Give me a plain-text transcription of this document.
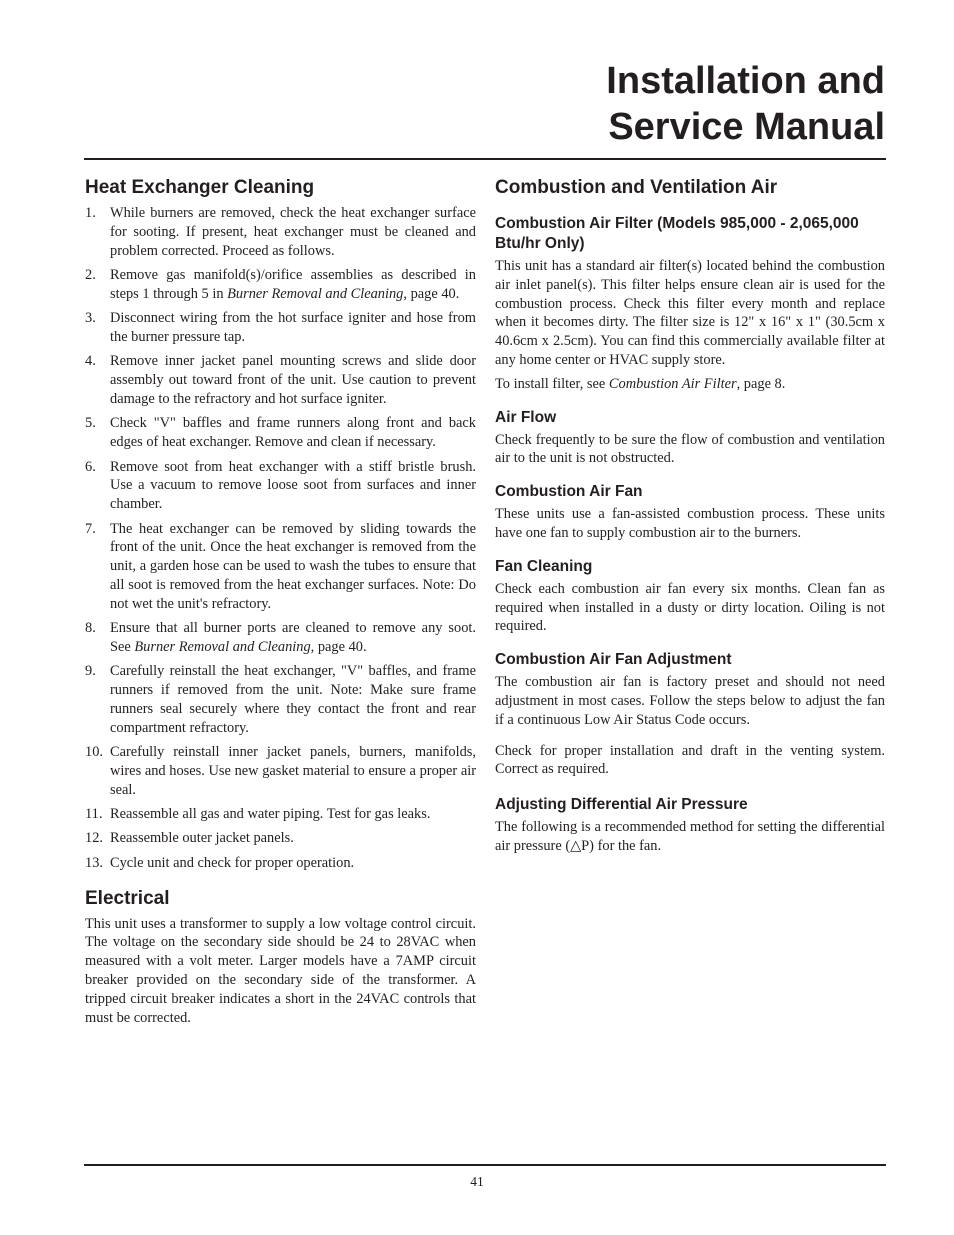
Installation and
Service Manual
Heat Exchanger Cleaning
1. While burners are removed, check the heat exchanger surface for sooting. If present, heat exchanger must be cleaned and problem corrected. Proceed as follows.
2. Remove gas manifold(s)/orifice assemblies as described in steps 1 through 5 in Burner Removal and Cleaning, page 40.
3. Disconnect wiring from the hot surface igniter and hose from the burner pressure tap.
4. Remove inner jacket panel mounting screws and slide door assembly out toward front of the unit. Use caution to prevent damage to the refractory and hot surface igniter.
5. Check "V" baffles and frame runners along front and back edges of heat exchanger. Remove and clean if necessary.
6. Remove soot from heat exchanger with a stiff bristle brush. Use a vacuum to remove loose soot from surfaces and inner chamber.
7. The heat exchanger can be removed by sliding towards the front of the unit. Once the heat exchanger is removed from the unit, a garden hose can be used to wash the tubes to ensure that all soot is removed from the heat exchanger surfaces. Note: Do not wet the unit's refractory.
8. Ensure that all burner ports are cleaned to remove any soot. See Burner Removal and Cleaning, page 40.
9. Carefully reinstall the heat exchanger, "V" baffles, and frame runners if removed from the unit. Note: Make sure frame runners seal securely where they contact the front and rear compartment refractory.
10. Carefully reinstall inner jacket panels, burners, manifolds, wires and hoses. Use new gasket material to ensure a proper air seal.
11. Reassemble all gas and water piping. Test for gas leaks.
12. Reassemble outer jacket panels.
13. Cycle unit and check for proper operation.
Electrical

This unit uses a transformer to supply a low voltage control circuit. The voltage on the secondary side should be 24 to 28VAC when measured with a volt meter. Larger models have a 7AMP circuit breaker provided on the secondary side of the transformer. A tripped circuit breaker indicates a short in the 24VAC controls that must be corrected.

Combustion and Ventilation Air
Combustion Air Filter (Models 985,000 - 2,065,000 Btu/hr Only)

This unit has a standard air filter(s) located behind the combustion air inlet panel(s). This filter helps ensure clean air is used for the combustion process. Check this filter every month and replace when it becomes dirty. The filter size is 12" x 16" x 1" (30.5cm x 40.6cm x 2.5cm). You can find this commercially available filter at any home center or HVAC supply store.

To install filter, see Combustion Air Filter, page 8.

Air Flow

Check frequently to be sure the flow of combustion and ventilation air to the unit is not obstructed.

Combustion Air Fan

These units use a fan-assisted combustion process. These units have one fan to supply combustion air to the burners.

Fan Cleaning

Check each combustion air fan every six months. Clean fan as required when installed in a dusty or dirty location. Oiling is not required.

Combustion Air Fan Adjustment

The combustion air fan is factory preset and should not need adjustment in most cases. Follow the steps below to adjust the fan if a continuous Low Air Status Code occurs.

Check for proper installation and draft in the venting system. Correct as required.

Adjusting Differential Air Pressure

The following is a recommended method for setting the differential air pressure (△P) for the fan.

41
